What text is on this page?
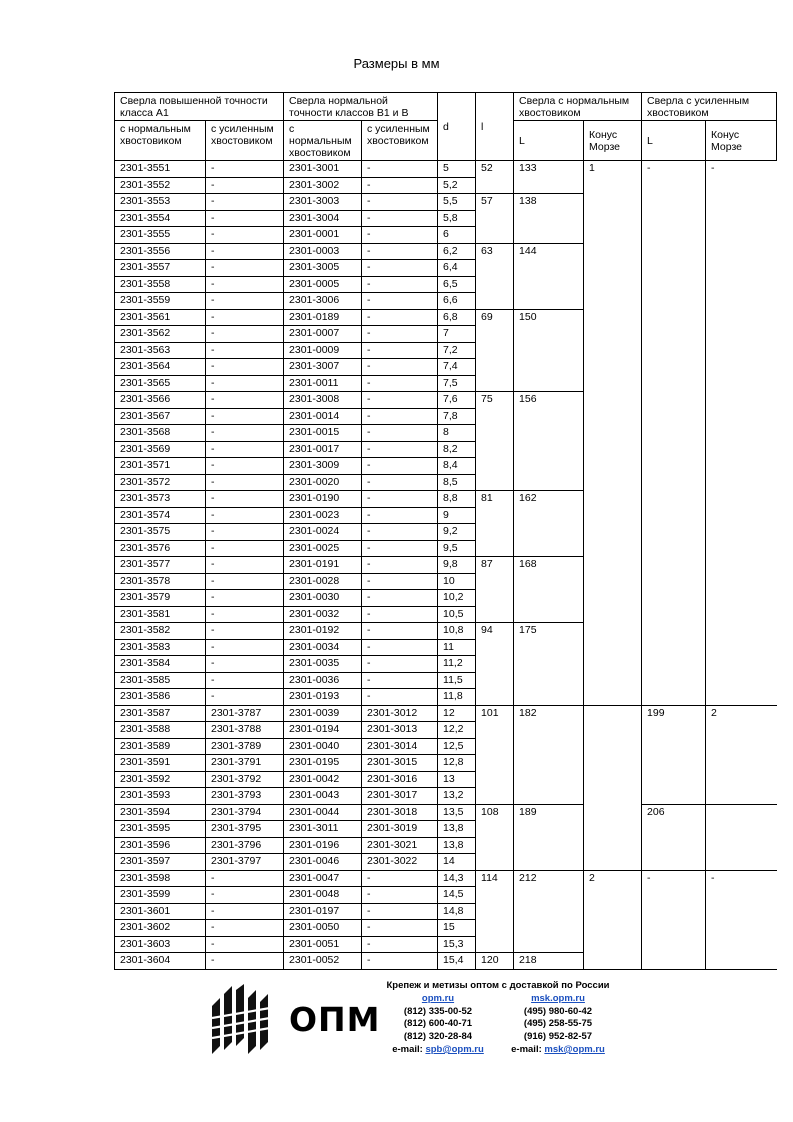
Размеры в мм
Сверла повышенной точности класса А1		Сверла нормальной точности классов В1 и В		d	l	Сверла с нормальным хвостовиком		Сверла с усиленным хвостовиком	
с нормальным хвостовиком	с усиленным хвостовиком	с нормальным хвостовиком	с усиленным хвостовиком			L	Конус Морзе	L	Конус Морзе
2301-3551	-	2301-3001	-	5	52	133	1	-	-
2301-3552	-	2301-3002	-	5,2					
2301-3553	-	2301-3003	-	5,5	57	138			
2301-3554	-	2301-3004	-	5,8					
2301-3555	-	2301-0001	-	6					
2301-3556	-	2301-0003	-	6,2	63	144			
2301-3557	-	2301-3005	-	6,4					
2301-3558	-	2301-0005	-	6,5					
2301-3559	-	2301-3006	-	6,6					
2301-3561	-	2301-0189	-	6,8	69	150			
2301-3562	-	2301-0007	-	7					
2301-3563	-	2301-0009	-	7,2					
2301-3564	-	2301-3007	-	7,4					
2301-3565	-	2301-0011	-	7,5					
2301-3566	-	2301-3008	-	7,6	75	156			
2301-3567	-	2301-0014	-	7,8					
2301-3568	-	2301-0015	-	8					
2301-3569	-	2301-0017	-	8,2					
2301-3571	-	2301-3009	-	8,4					
2301-3572	-	2301-0020	-	8,5					
2301-3573	-	2301-0190	-	8,8	81	162			
2301-3574	-	2301-0023	-	9					
2301-3575	-	2301-0024	-	9,2					
2301-3576	-	2301-0025	-	9,5					
2301-3577	-	2301-0191	-	9,8	87	168			
2301-3578	-	2301-0028	-	10					
2301-3579	-	2301-0030	-	10,2					
2301-3581	-	2301-0032	-	10,5					
2301-3582	-	2301-0192	-	10,8	94	175			
2301-3583	-	2301-0034	-	11					
2301-3584	-	2301-0035	-	11,2					
2301-3585	-	2301-0036	-	11,5					
2301-3586	-	2301-0193	-	11,8					
2301-3587	2301-3787	2301-0039	2301-3012	12	101	182		199	2
2301-3588	2301-3788	2301-0194	2301-3013	12,2					
2301-3589	2301-3789	2301-0040	2301-3014	12,5					
2301-3591	2301-3791	2301-0195	2301-3015	12,8					
2301-3592	2301-3792	2301-0042	2301-3016	13					
2301-3593	2301-3793	2301-0043	2301-3017	13,2					
2301-3594	2301-3794	2301-0044	2301-3018	13,5	108	189		206	
2301-3595	2301-3795	2301-3011	2301-3019	13,8					
2301-3596	2301-3796	2301-0196	2301-3021	13,8					
2301-3597	2301-3797	2301-0046	2301-3022	14					
2301-3598	-	2301-0047	-	14,3	114	212	2	-	-
2301-3599	-	2301-0048	-	14,5					
2301-3601	-	2301-0197	-	14,8					
2301-3602	-	2301-0050	-	15					
2301-3603	-	2301-0051	-	15,3					
2301-3604	-	2301-0052	-	15,4	120	218			
ОПМ
Крепеж и метизы оптом с доставкой по России
opm.ru
(812) 335-00-52
(812) 600-40-71
(812) 320-28-84
e-mail: spb@opm.ru
msk.opm.ru
(495) 980-60-42
(495) 258-55-75
(916) 952-82-57
e-mail: msk@opm.ru
